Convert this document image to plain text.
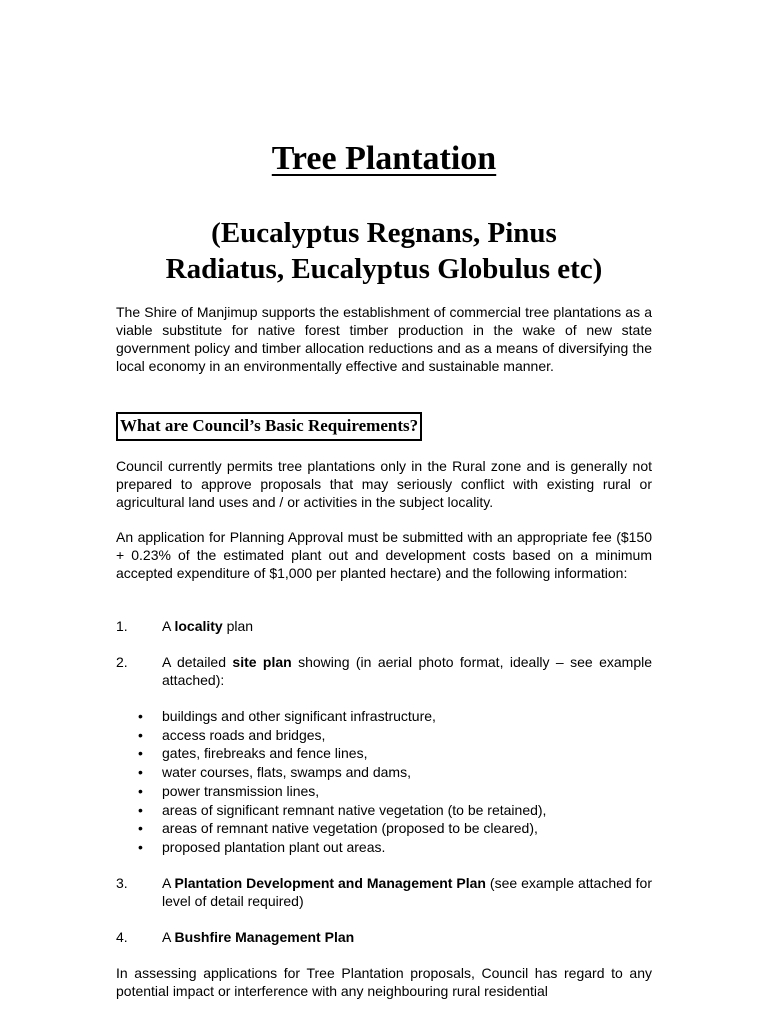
Tree Plantation
(Eucalyptus Regnans, Pinus
Radiatus, Eucalyptus Globulus etc)
The Shire of Manjimup supports the establishment of commercial tree plantations as a viable substitute for native forest timber production in the wake of new state government policy and timber allocation reductions and as a means of diversifying the local economy in an environmentally effective and sustainable manner.
What are Council’s Basic Requirements?
Council currently permits tree plantations only in the Rural zone and is generally not prepared to approve proposals that may seriously conflict with existing rural or agricultural land uses and / or activities in the subject locality.
An application for Planning Approval must be submitted with an appropriate fee ($150 + 0.23% of the estimated plant out and development costs based on a minimum accepted expenditure of $1,000 per planted hectare) and the following information:
1. A locality plan
2. A detailed site plan showing (in aerial photo format, ideally – see example attached):
• buildings and other significant infrastructure,
• access roads and bridges,
• gates, firebreaks and fence lines,
• water courses, flats, swamps and dams,
• power transmission lines,
• areas of significant remnant native vegetation (to be retained),
• areas of remnant native vegetation (proposed to be cleared),
• proposed plantation plant out areas.
3. A Plantation Development and Management Plan (see example attached for level of detail required)
4. A Bushfire Management Plan
In assessing applications for Tree Plantation proposals, Council has regard to any potential impact or interference with any neighbouring rural residential
